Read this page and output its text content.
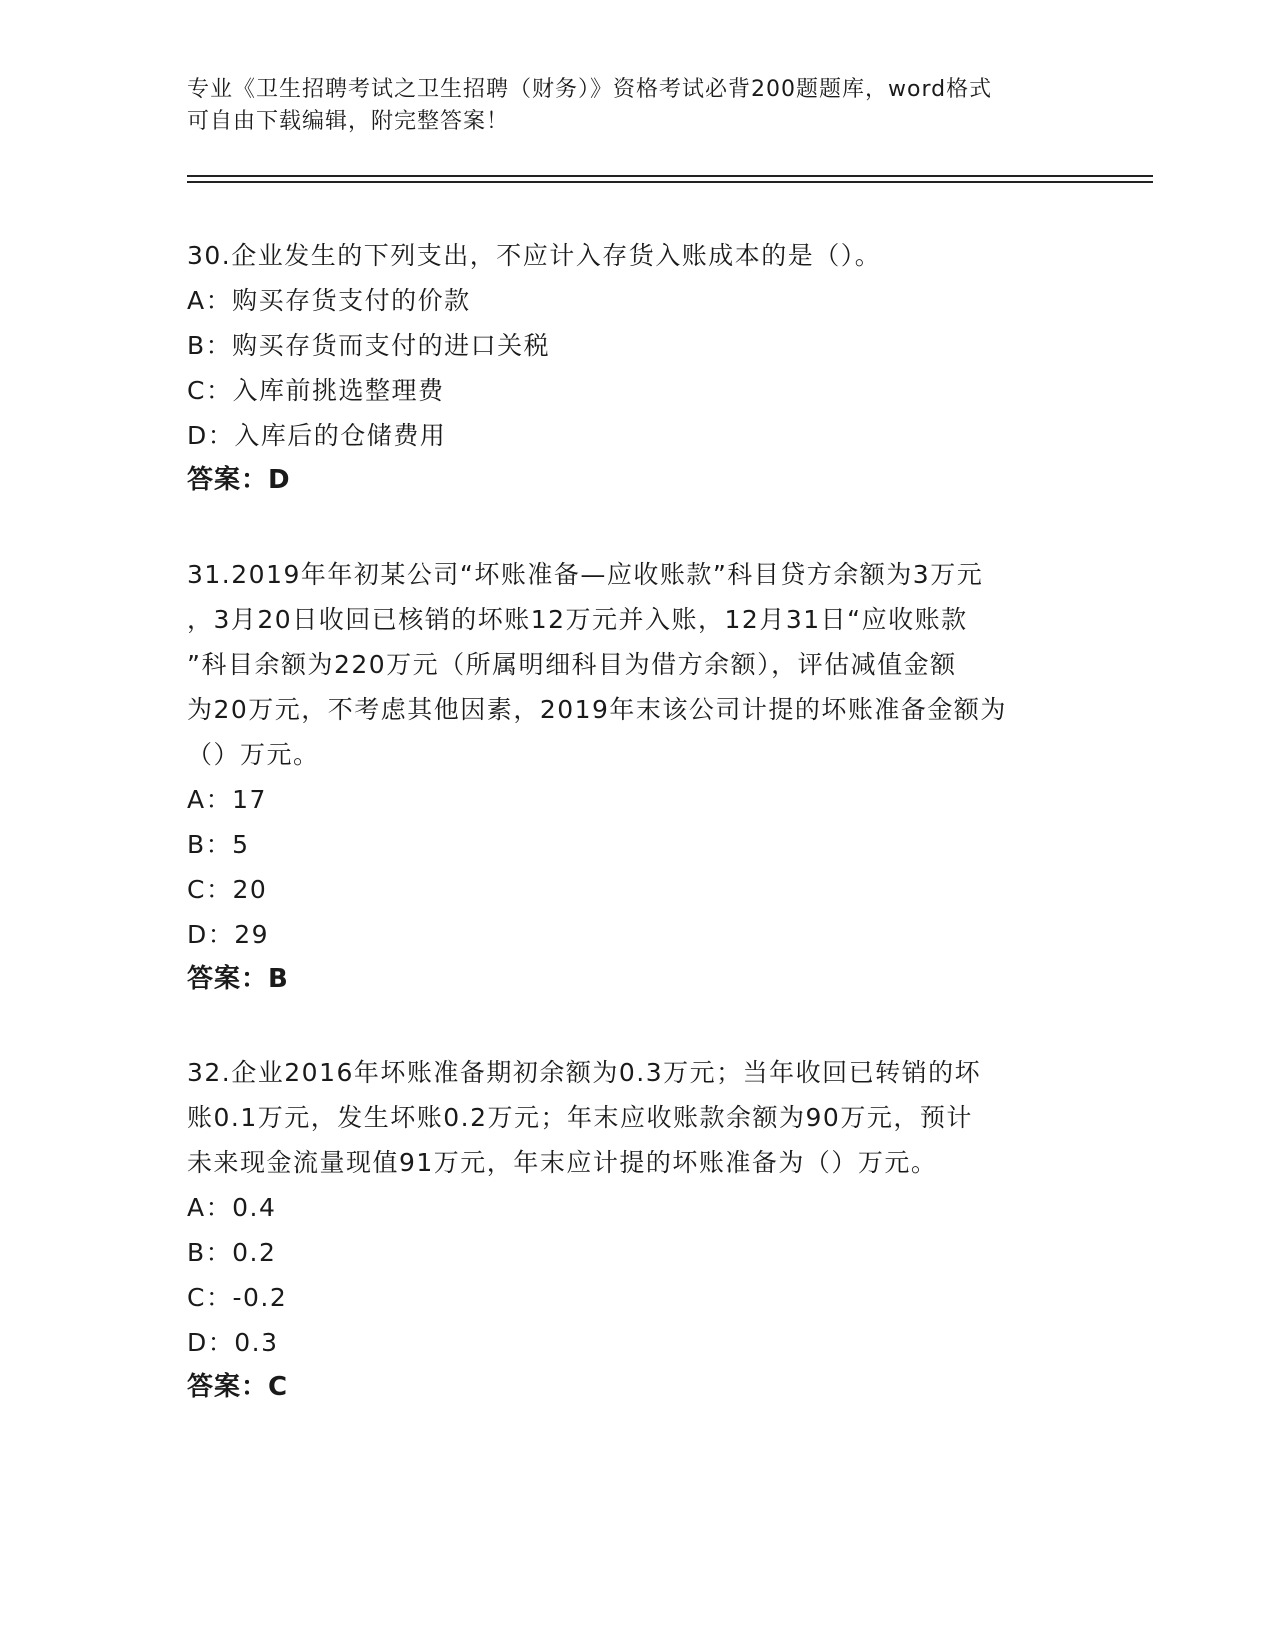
专业《卫生招聘考试之卫生招聘（财务）》资格考试必背200题题库，word格式
可自由下载编辑，附完整答案！
30.企业发生的下列支出，不应计入存货入账成本的是（）。
A：购买存货支付的价款
B：购买存货而支付的进口关税
C：入库前挑选整理费
D：入库后的仓储费用
答案：D
31.2019年年初某公司“坏账准备—应收账款”科目贷方余额为3万元
，3月20日收回已核销的坏账12万元并入账，12月31日“应收账款
”科目余额为220万元（所属明细科目为借方余额），评估减值金额
为20万元，不考虑其他因素，2019年末该公司计提的坏账准备金额为
（）万元。
A：17
B：5
C：20
D：29
答案：B
32.企业2016年坏账准备期初余额为0.3万元；当年收回已转销的坏
账0.1万元，发生坏账0.2万元；年末应收账款余额为90万元，预计
未来现金流量现值91万元，年末应计提的坏账准备为（）万元。
A：0.4
B：0.2
C：-0.2
D：0.3
答案：C
